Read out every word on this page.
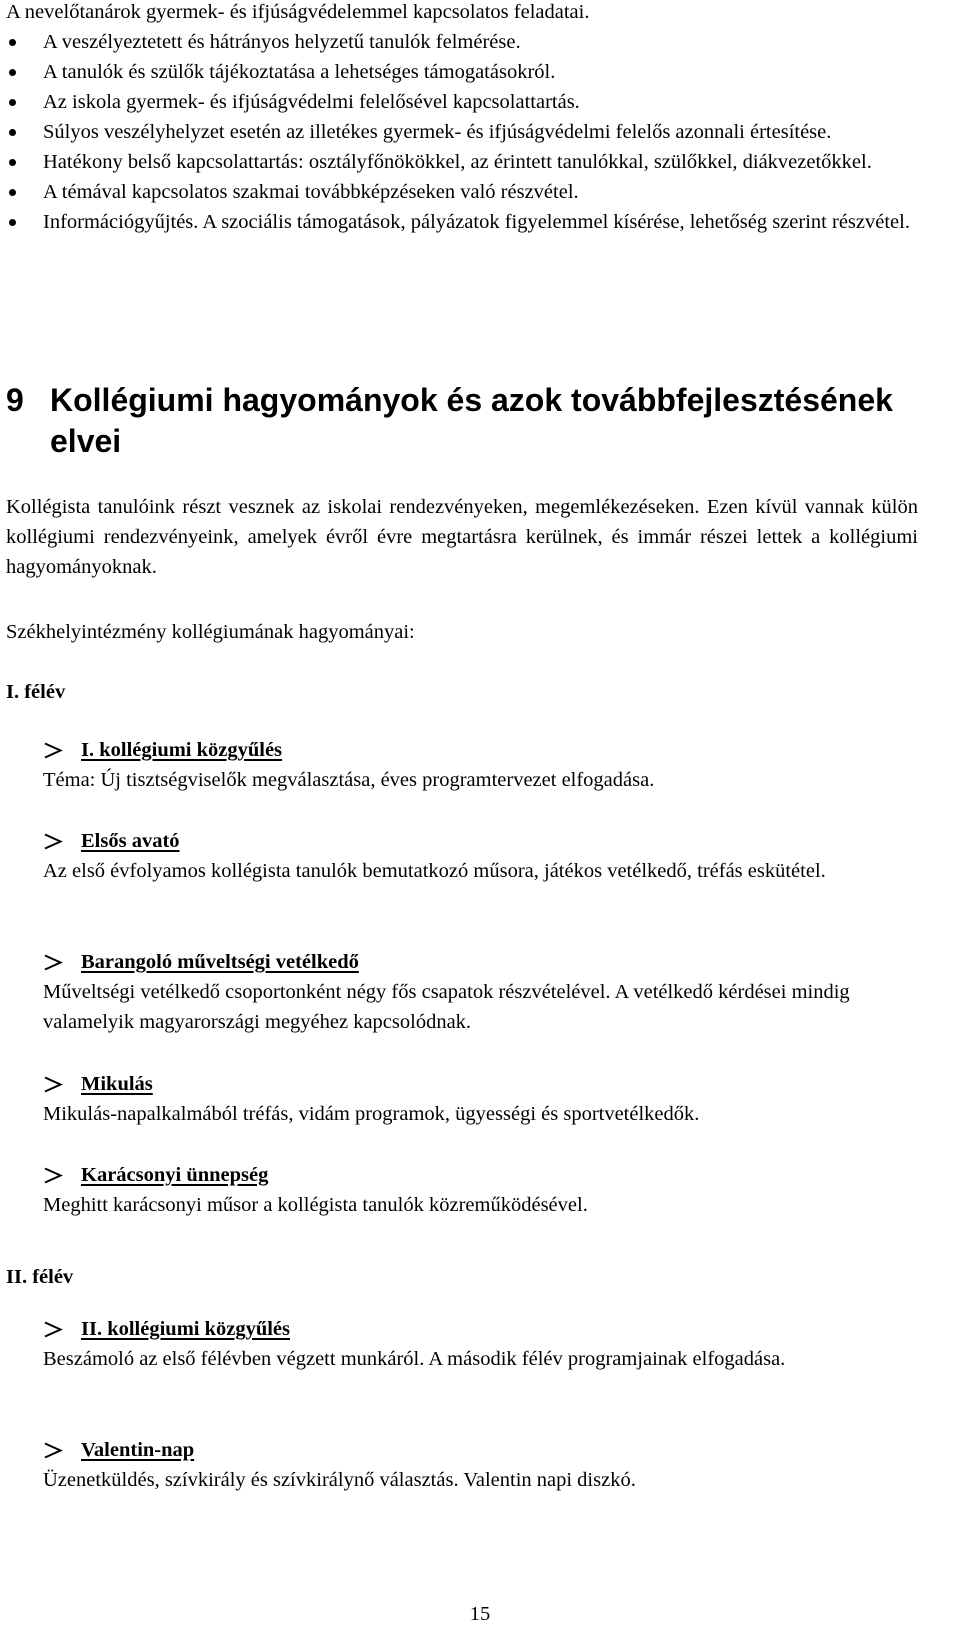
A nevelőtanárok gyermek- és ifjúságvédelemmel kapcsolatos feladatai.
A veszélyeztetett és hátrányos helyzetű tanulók felmérése.
A tanulók és szülők tájékoztatása a lehetséges támogatásokról.
Az iskola gyermek- és ifjúságvédelmi felelősével kapcsolattartás.
Súlyos veszélyhelyzet esetén az illetékes gyermek- és ifjúságvédelmi felelős azonnali értesítése.
Hatékony belső kapcsolattartás: osztályfőnökökkel, az érintett tanulókkal, szülőkkel, diákvezetőkkel.
A témával kapcsolatos szakmai továbbképzéseken való részvétel.
Információgyűjtés. A szociális támogatások, pályázatok figyelemmel kísérése, lehetőség szerint részvétel.
9 Kollégiumi hagyományok és azok továbbfejlesztésének elvei

Kollégista tanulóink részt vesznek az iskolai rendezvényeken, megemlékezéseken. Ezen kívül vannak külön kollégiumi rendezvényeink, amelyek évről évre megtartásra kerülnek, és immár részei lettek a kollégiumi hagyományoknak.

Székhelyintézmény kollégiumának hagyományai:

I. félév

I. kollégiumi közgyűlés

Téma: Új tisztségviselők megválasztása, éves programtervezet elfogadása.

Elsős avató

Az első évfolyamos kollégista tanulók bemutatkozó műsora, játékos vetélkedő, tréfás eskütétel.

Barangoló műveltségi vetélkedő

Műveltségi vetélkedő csoportonként négy fős csapatok részvételével. A vetélkedő kérdései mindig valamelyik magyarországi megyéhez kapcsolódnak.

Mikulás

Mikulás-napalkalmából tréfás, vidám programok, ügyességi és sportvetélkedők.

Karácsonyi ünnepség

Meghitt karácsonyi műsor a kollégista tanulók közreműködésével.

II. félév

II. kollégiumi közgyűlés

Beszámoló az első félévben végzett munkáról. A második félév programjainak elfogadása.

Valentin-nap

Üzenetküldés, szívkirály és szívkirálynő választás. Valentin napi diszkó.

15
